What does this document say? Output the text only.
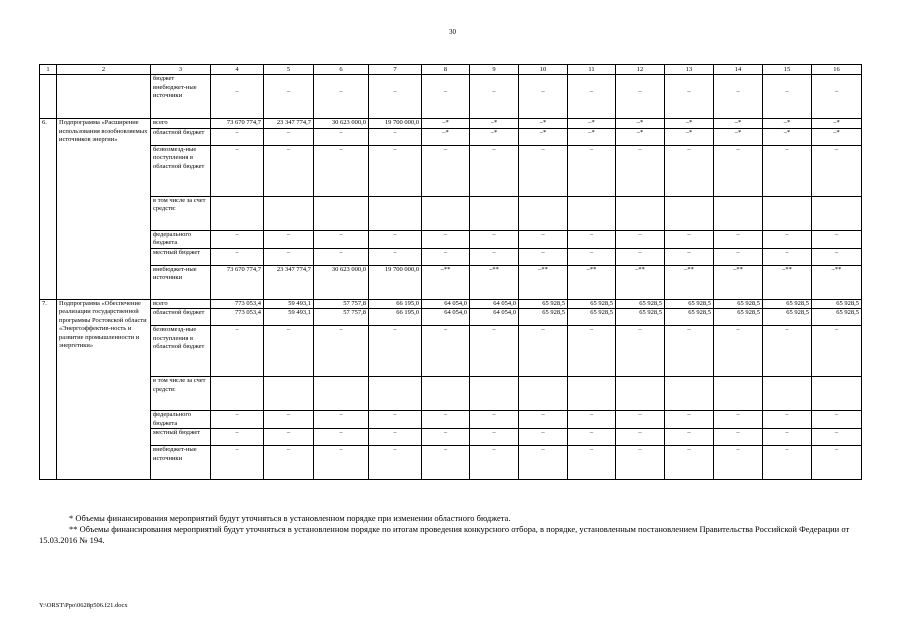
30
1	2	3	4	5	6	7	8	9	10	11	12	13	14	15	16
		бюджет внебюджет-ные источники	–	–	–	–	–	–	–	–	–	–	–	–	–
6.	Подпрограмма «Расширение использования возобновляемых источников энергии»	всего	73 670 774,7	23 347 774,7	30 623 000,0	19 700 000,0	–*	–*	–*	–*	–*	–*	–*	–*	–*
		областной бюджет	–	–	–	–	–*	–*	–*	–*	–*	–*	–*	–*	–*
		безвозмезд-ные поступления в областной бюджет	–	–	–	–	–	–	–	–	–	–	–	–	–
		в том числе за счет средств:													
		федерального бюджета	–	–	–	–	–	–	–	–	–	–	–	–	–
		местный бюджет	–	–	–	–	–	–	–	–	–	–	–	–	–
		внебюджет-ные источники	73 670 774,7	23 347 774,7	30 623 000,0	19 700 000,0	–**	–**	–**	–**	–**	–**	–**	–**	–**
7.	Подпрограмма «Обеспечение реализации государственной программы Ростовской области «Энергоэффектив-ность и развитие промышленности и энергетики»	всего	773 053,4	59 493,1	57 757,8	66 195,0	64 054,0	64 054,0	65 928,5	65 928,5	65 928,5	65 928,5	65 928,5	65 928,5	65 928,5
		областной бюджет	773 053,4	59 493,1	57 757,8	66 195,0	64 054,0	64 054,0	65 928,5	65 928,5	65 928,5	65 928,5	65 928,5	65 928,5	65 928,5
		безвозмезд-ные поступления в областной бюджет	–	–	–	–	–	–	–	–	–	–	–	–	–
		в том числе за счет средств:													
		федерального бюджета	–	–	–	–	–	–	–	–	–	–	–	–	–
		местный бюджет	–	–	–	–	–	–	–	–	–	–	–	–	–
		внебюджет-ные источники	–	–	–	–	–	–	–	–	–	–	–	–	–

* Объемы финансирования мероприятий будут уточняться в установленном порядке при изменении областного бюджета.

** Объемы финансирования мероприятий будут уточняться в установленном порядке по итогам проведения конкурсного отбора, в порядке, установленным постановлением Правительства Российской Федерации от 15.03.2016 № 194.

Y:\ORST\Ppo\0628p506.f21.docx
